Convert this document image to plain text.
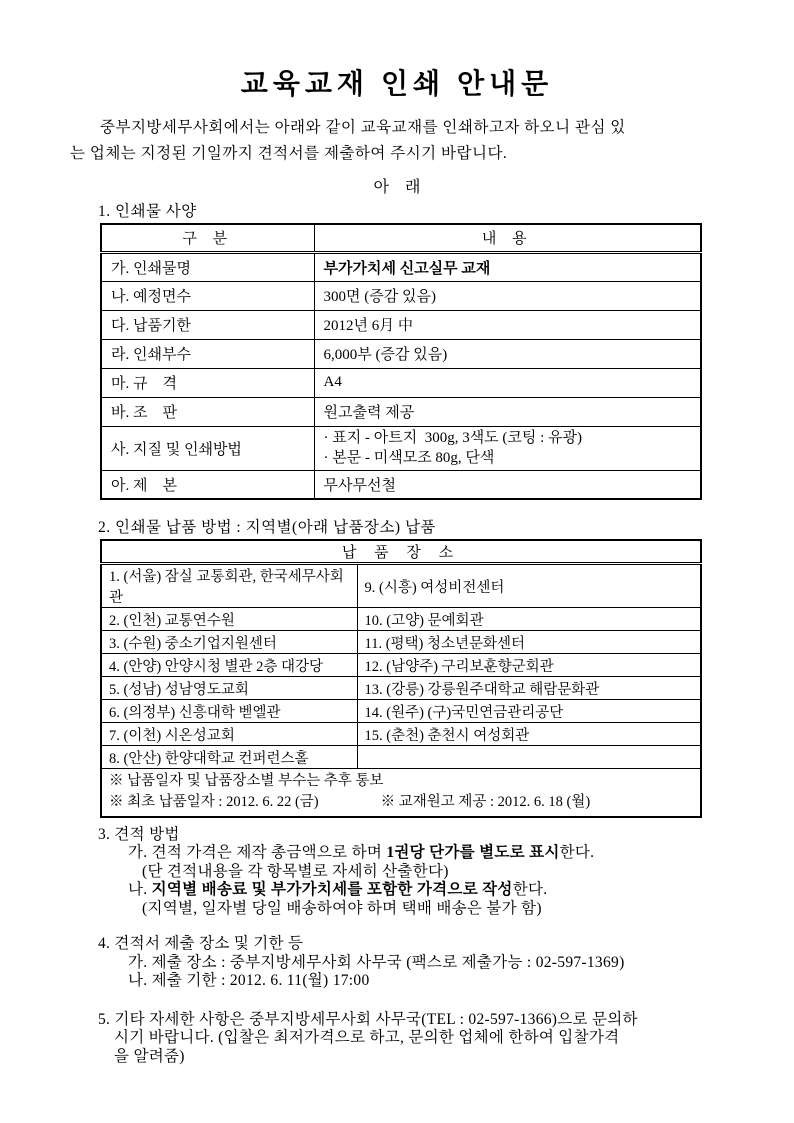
교육교재 인쇄 안내문
중부지방세무사회에서는 아래와 같이 교육교재를 인쇄하고자 하오니 관심 있
는 업체는 지정된 기일까지 견적서를 제출하여 주시기 바랍니다.
아    래
1. 인쇄물 사양
구 분	내 용
가. 인쇄물명	부가가치세 신고실무 교재
나. 예정면수	300면 (증감 있음)
다. 납품기한	2012년 6月 中
라. 인쇄부수	6,000부 (증감 있음)
마. 규    격	A4
바. 조    판	원고출력 제공
사. 지질 및 인쇄방법	· 표지 - 아트지  300g, 3색도 (코팅 : 유광)
· 본문 - 미색모조 80g, 단색

아. 제    본	무사무선철
2. 인쇄물 납품 방법 : 지역별(아래 납품장소) 납품
납 품 장 소	
1. (서울) 잠실 교통회관, 한국세무사회관	9. (시흥) 여성비전센터
2. (인천) 교통연수원	10. (고양) 문예회관
3. (수원) 중소기업지원센터	11. (평택) 청소년문화센터
4. (안양) 안양시청 별관 2층 대강당	12. (남양주) 구리보훈향군회관
5. (성남) 성남영도교회	13. (강릉) 강릉원주대학교 해람문화관
6. (의정부) 신흥대학 벧엘관	14. (원주) (구)국민연금관리공단
7. (이천) 시온성교회	15. (춘천) 춘천시 여성회관
8. (안산) 한양대학교 컨퍼런스홀	

※ 납품일자 및 납품장소별 부수는 추후 통보
※ 최초 납품일자 : 2012. 6. 22 (금) ※ 교재원고 제공 : 2012. 6. 18 (월)	
3. 견적 방법
가. 견적 가격은 제작 총금액으로 하며 1권당 단가를 별도로 표시한다.
(단 견적내용을 각 항목별로 자세히 산출한다)
나. 지역별 배송료 및 부가가치세를 포함한 가격으로 작성한다.
(지역별, 일자별 당일 배송하여야 하며 택배 배송은 불가 함)
4. 견적서 제출 장소 및 기한 등
가. 제출 장소 : 중부지방세무사회 사무국 (팩스로 제출가능 : 02-597-1369)
나. 제출 기한 : 2012. 6. 11(월) 17:00
5. 기타 자세한 사항은 중부지방세무사회 사무국(TEL : 02-597-1366)으로 문의하
시기 바랍니다. (입찰은 최저가격으로 하고, 문의한 업체에 한하여 입찰가격
을 알려줌)
